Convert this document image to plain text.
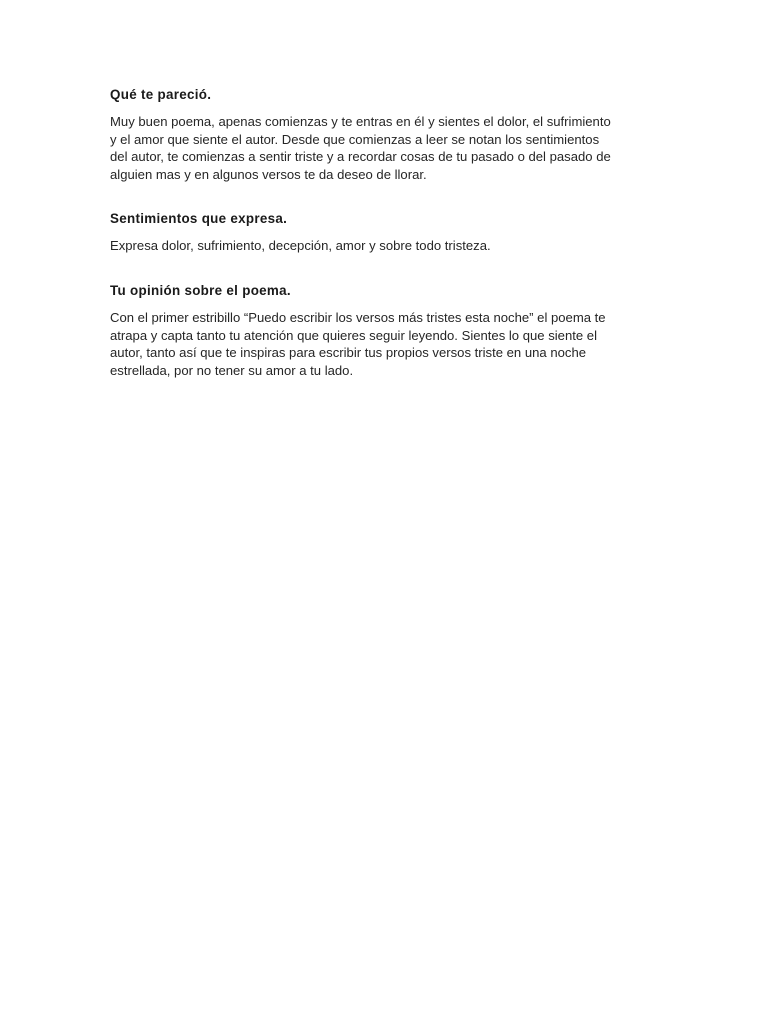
Qué te pareció.

Muy buen poema, apenas comienzas y te entras en él y sientes el dolor, el sufrimiento
y el amor que siente el autor. Desde que comienzas a leer se notan los sentimientos
del autor, te comienzas a sentir triste y a recordar cosas de tu pasado o del pasado de
alguien mas y en algunos versos te da deseo de llorar.

Sentimientos que expresa.

Expresa dolor, sufrimiento, decepción, amor y sobre todo tristeza.

Tu opinión sobre el poema.

Con el primer estribillo “Puedo escribir los versos más tristes esta noche” el poema te
atrapa y capta tanto tu atención que quieres seguir leyendo. Sientes lo que siente el
autor, tanto así que te inspiras para escribir tus propios versos triste en una noche
estrellada, por no tener su amor a tu lado.
